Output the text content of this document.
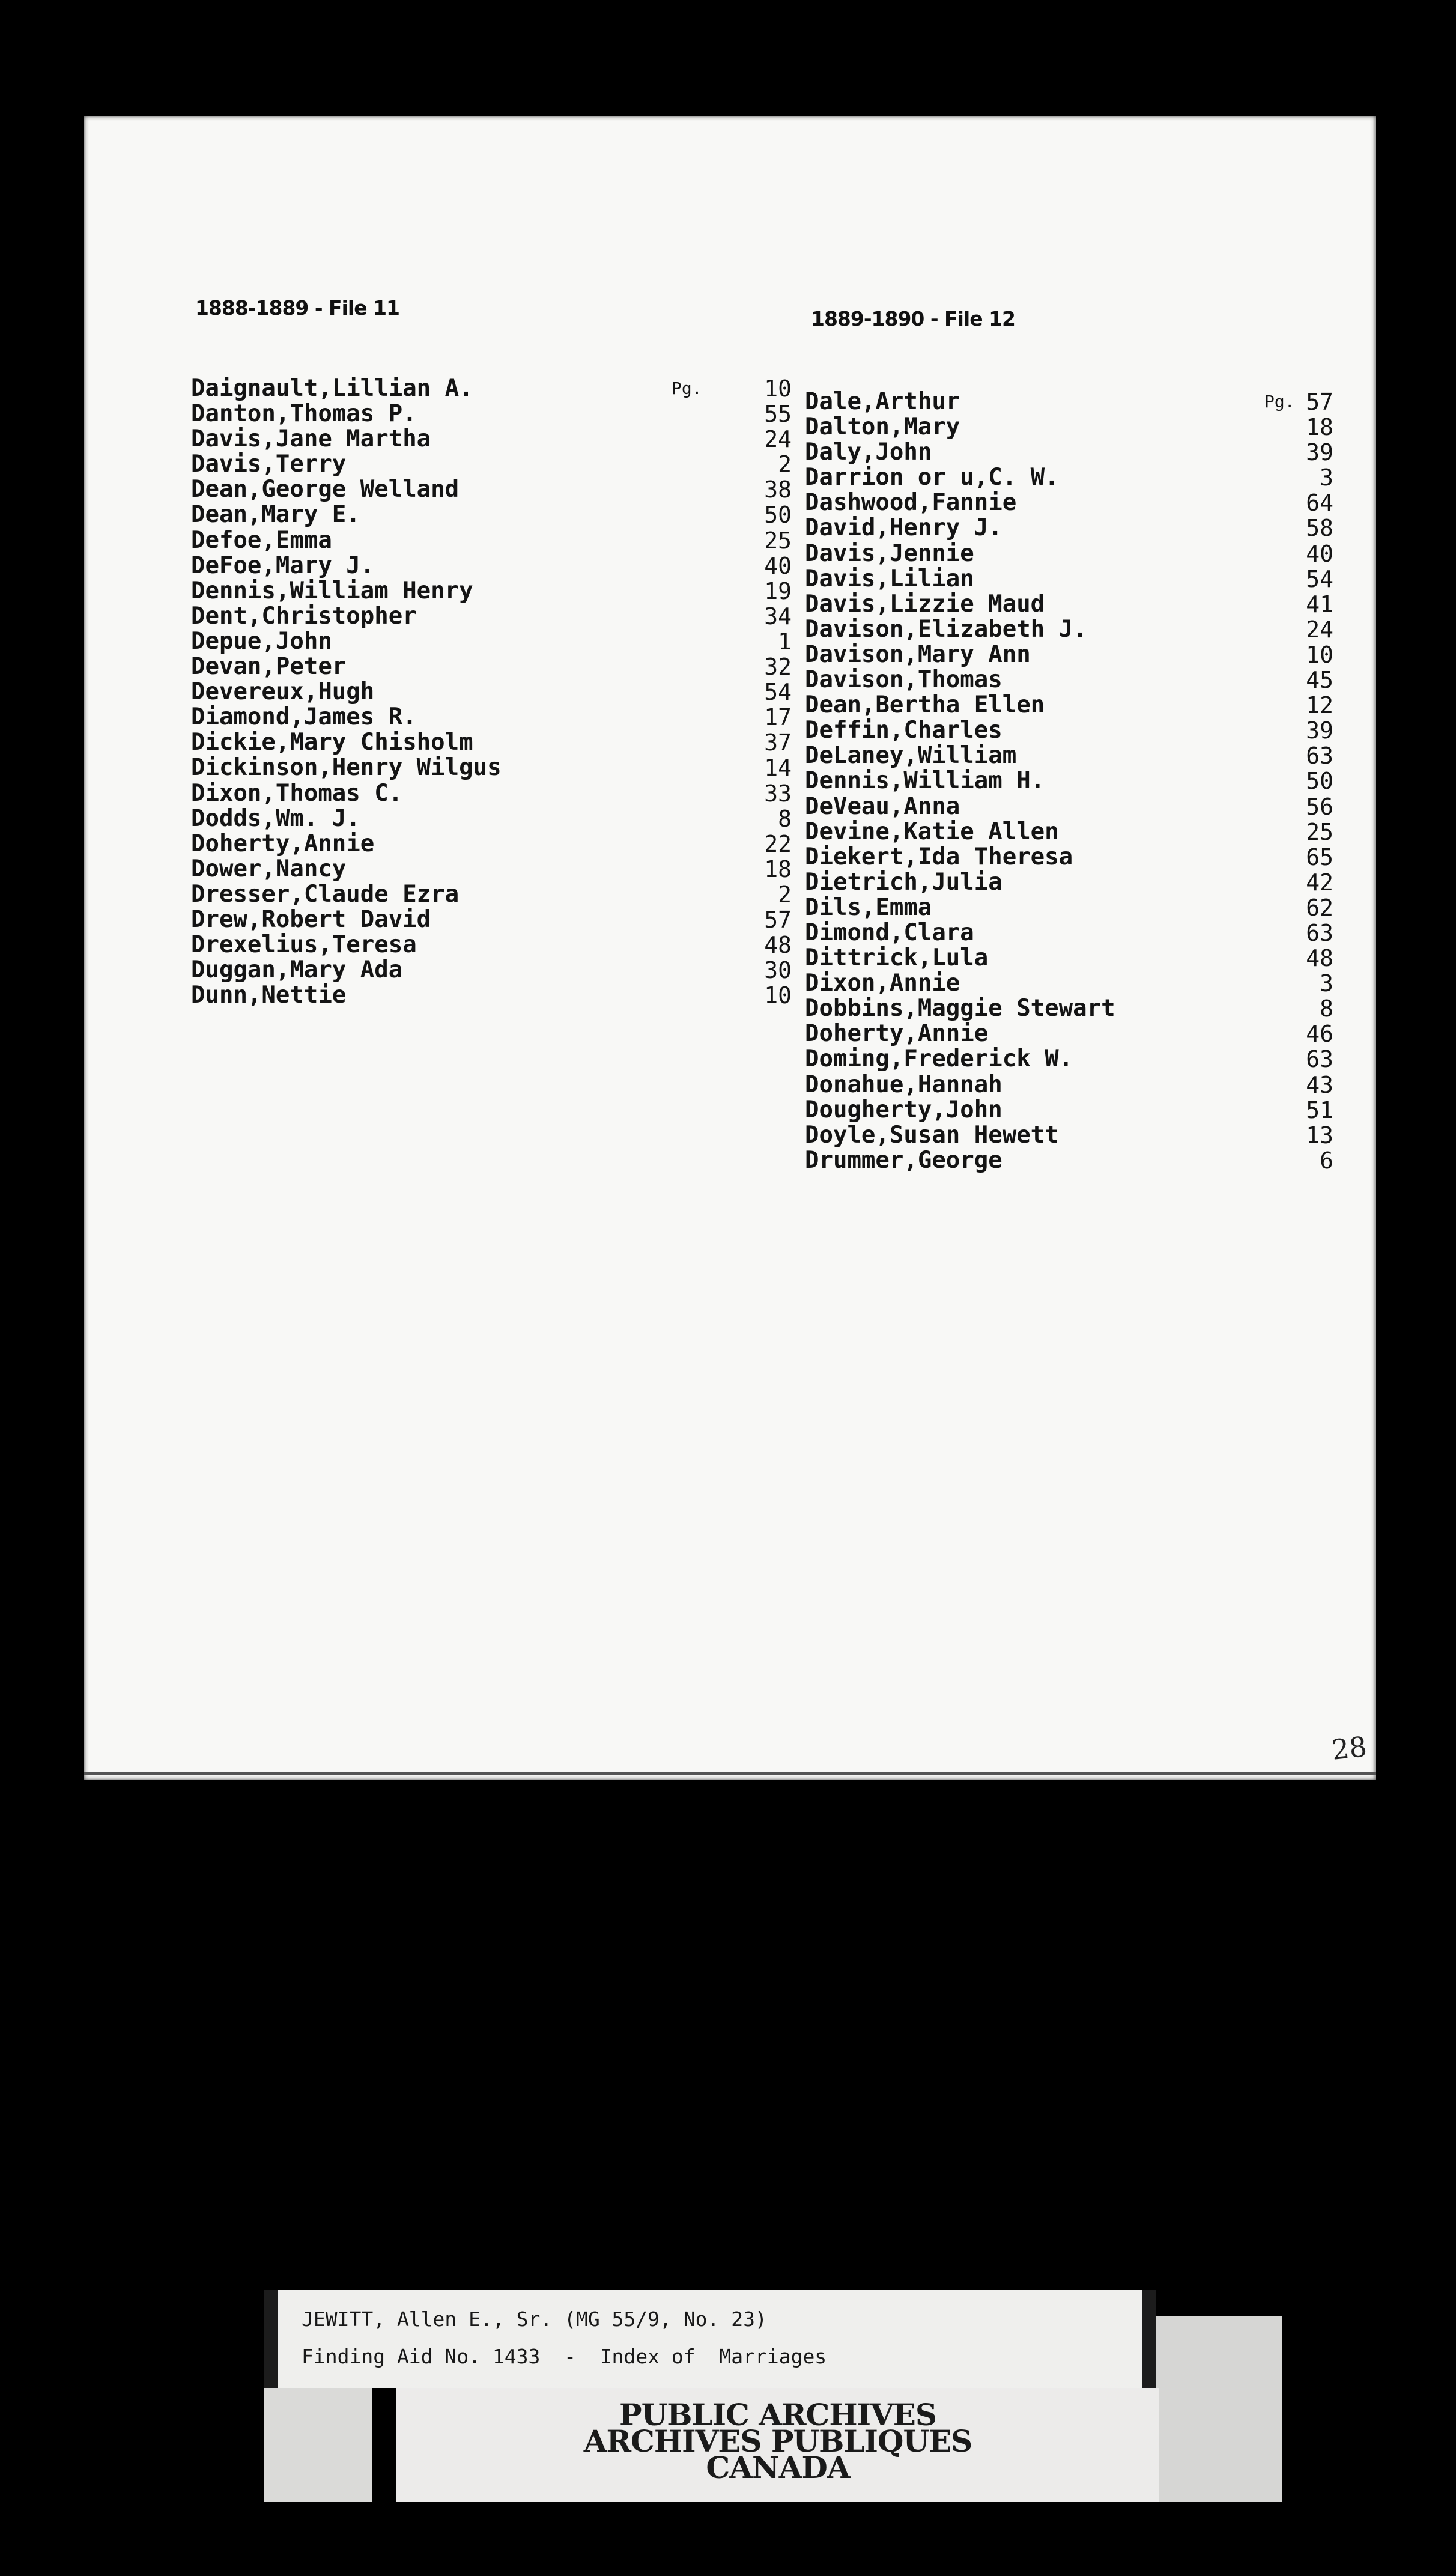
1888-1889 - File 11	1889-1890 - File 12
Daignault,Lillian A.	Pg.	10
Danton,Thomas P.	55
Davis,Jane Martha	24
Davis,Terry	2
Dean,George Welland	38
Dean,Mary E.	50
Defoe,Emma	25
DeFoe,Mary J.	40
Dennis,William Henry	19
Dent,Christopher	34
Depue,John	1
Devan,Peter	32
Devereux,Hugh	54
Diamond,James R.	17
Dickie,Mary Chisholm	37
Dickinson,Henry Wilgus	14
Dixon,Thomas C.	33
Dodds,Wm. J.	8
Doherty,Annie	22
Dower,Nancy	18
Dresser,Claude Ezra	2
Drew,Robert David	57
Drexelius,Teresa	48
Duggan,Mary Ada	30
Dunn,Nettie	10
Dale,Arthur	Pg. 57
Dalton,Mary	18
Daly,John	39
Darrion or u,C. W.	3
Dashwood,Fannie	64
David,Henry J.	58
Davis,Jennie	40
Davis,Lilian	54
Davis,Lizzie Maud	41
Davison,Elizabeth J.	24
Davison,Mary Ann	10
Davison,Thomas	45
Dean,Bertha Ellen	12
Deffin,Charles	39
DeLaney,William	63
Dennis,William H.	50
DeVeau,Anna	56
Devine,Katie Allen	25
Diekert,Ida Theresa	65
Dietrich,Julia	42
Dils,Emma	62
Dimond,Clara	63
Dittrick,Lula	48
Dixon,Annie	3
Dobbins,Maggie Stewart	8
Doherty,Annie	46
Doming,Frederick W.	63
Donahue,Hannah	43
Dougherty,John	51
Doyle,Susan Hewett	13
Drummer,George	6
28
PUBLIC ARCHIVES
ARCHIVES PUBLIQUES
CANADA
JEWITT, Allen E., Sr. (MG 55/9, No. 23)
Finding Aid No. 1433  -  Index of  Marriages
